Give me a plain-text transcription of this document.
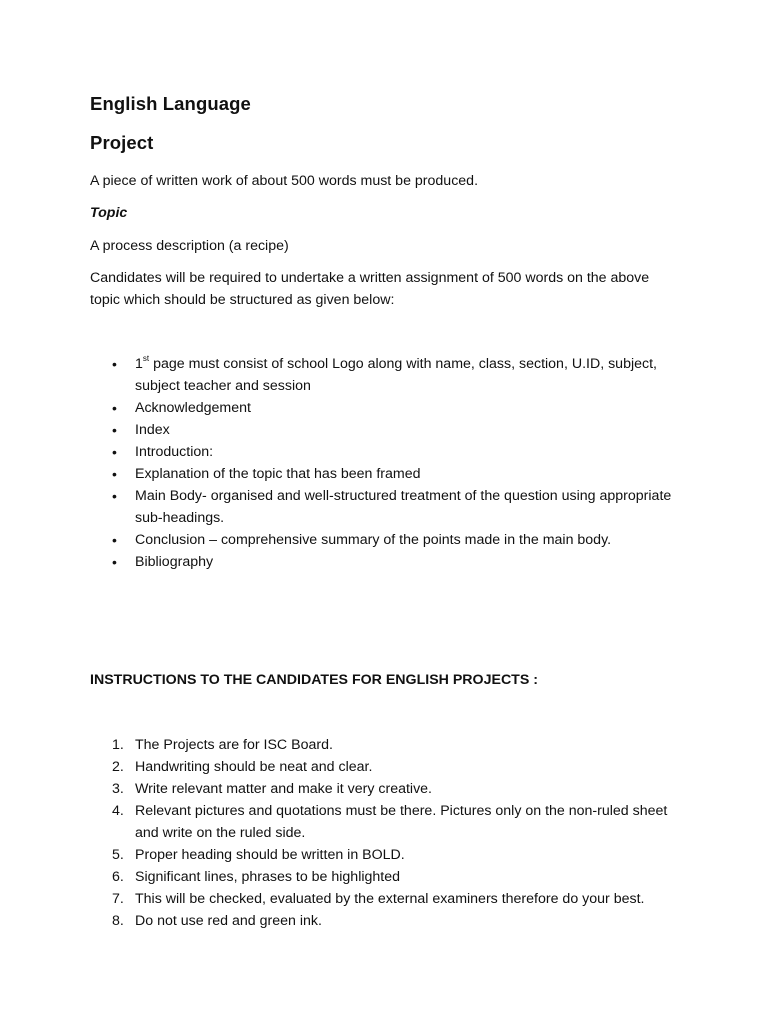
English Language
Project

A piece of written work of about 500 words must be produced.

Topic

A process description (a recipe)

Candidates will be required to undertake a written assignment of 500 words on the above topic which should be structured as given below:

• 1st page must consist of school Logo along with name, class, section, U.ID, subject, subject teacher and session
• Acknowledgement
• Index
• Introduction:
• Explanation of the topic that has been framed
• Main Body- organised and well-structured treatment of the question using appropriate sub-headings.
• Conclusion – comprehensive summary of the points made in the main body.
• Bibliography

INSTRUCTIONS TO THE CANDIDATES FOR ENGLISH PROJECTS :

1. The Projects are for ISC Board.
2. Handwriting should be neat and clear.
3. Write relevant matter and make it very creative.
4. Relevant pictures and quotations must be there. Pictures only on the non-ruled sheet and write on the ruled side.
5. Proper heading should be written in BOLD.
6. Significant lines, phrases to be highlighted
7. This will be checked, evaluated by the external examiners therefore do your best.
8. Do not use red and green ink.
